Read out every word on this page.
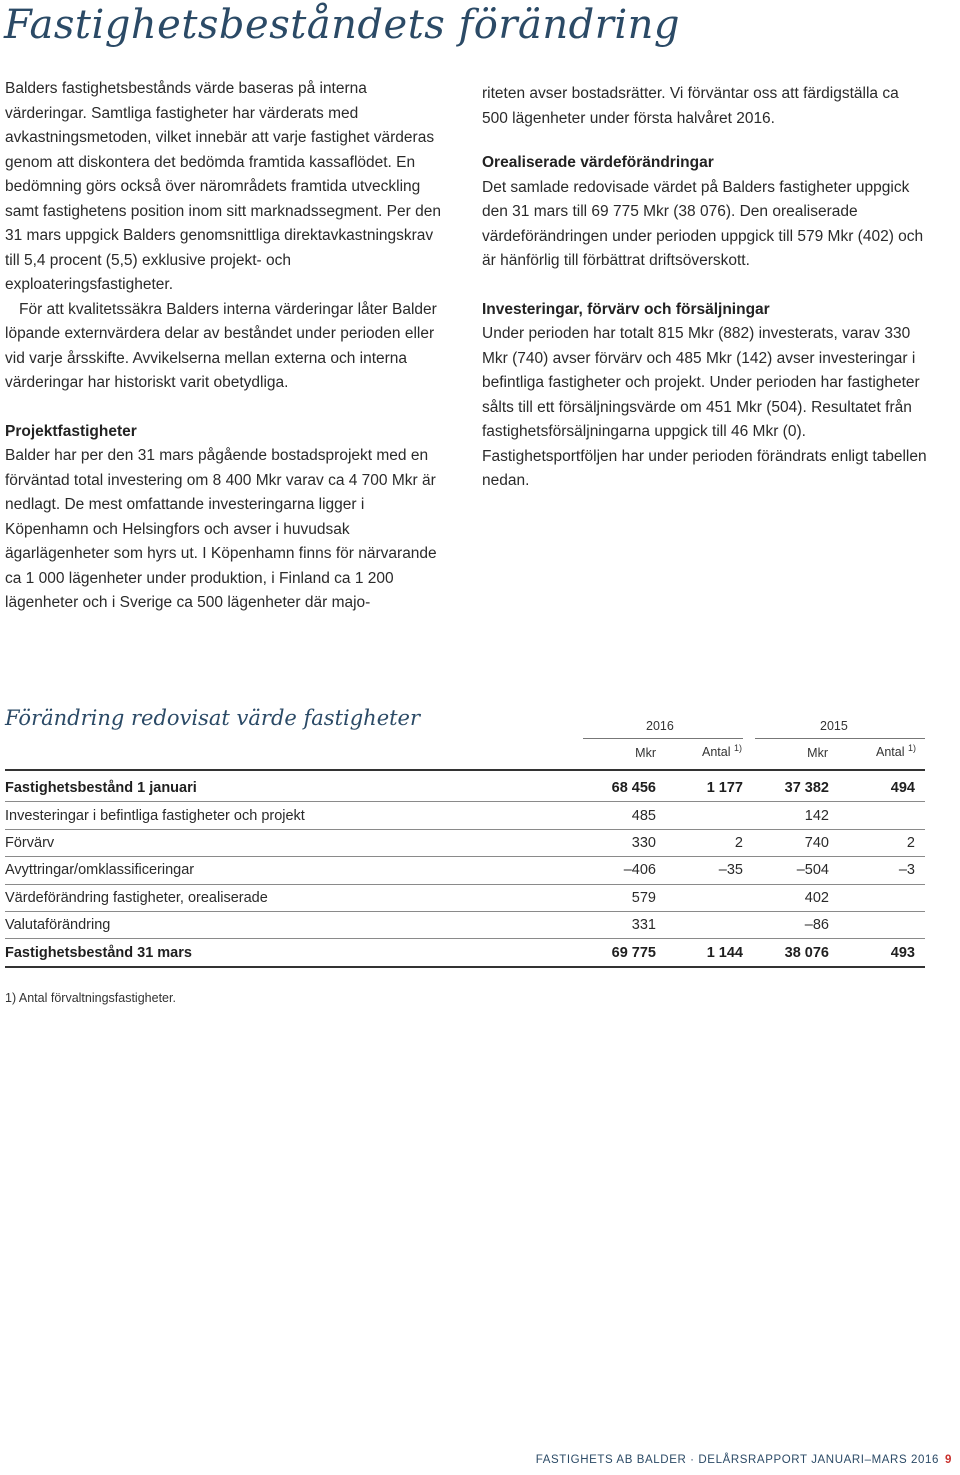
Fastighetsbeståndets förändring

Balders fastighetsbestånds värde baseras på interna värderingar. Samtliga fastigheter har värderats med avkastningsmetoden, vilket innebär att varje fastighet värderas genom att diskontera det bedömda framtida kassaflödet. En bedömning görs också över närområdets framtida utveckling samt fastighetens position inom sitt marknadssegment. Per den 31 mars uppgick Balders genomsnittliga direktavkastningskrav till 5,4 procent (5,5) exklusive projekt- och exploateringsfastigheter.

För att kvalitetssäkra Balders interna värderingar låter Balder löpande externvärdera delar av beståndet under perioden eller vid varje årsskifte. Avvikelserna mellan externa och interna värderingar har historiskt varit obetydliga.

Projektfastigheter

Balder har per den 31 mars pågående bostadsprojekt med en förväntad total investering om 8 400 Mkr varav ca 4 700 Mkr är nedlagt. De mest omfattande investeringarna ligger i Köpenhamn och Helsingfors och avser i huvudsak ägarlägenheter som hyrs ut. I Köpenhamn finns för närvarande ca 1 000 lägenheter under produktion, i Finland ca 1 200 lägenheter och i Sverige ca 500 lägenheter där majo-

riteten avser bostadsrätter. Vi förväntar oss att färdigställa ca 500 lägenheter under första halvåret 2016.

Orealiserade värdeförändringar

Det samlade redovisade värdet på Balders fastigheter uppgick den 31 mars till 69 775 Mkr (38 076). Den orealiserade värdeförändringen under perioden uppgick till 579 Mkr (402) och är hänförlig till förbättrat driftsöverskott.

Investeringar, förvärv och försäljningar

Under perioden har totalt 815 Mkr (882) investerats, varav 330 Mkr (740) avser förvärv och 485 Mkr (142) avser investeringar i befintliga fastigheter och projekt. Under perioden har fastigheter sålts till ett försäljningsvärde om 451 Mkr (504). Resultatet från fastighetsförsäljningarna uppgick till 46 Mkr (0). Fastighetsportföljen har under perioden förändrats enligt tabellen nedan.

Förändring redovisat värde fastigheter	2016	2015
Mkr	Antal $^{1)}$	Mkr	Antal $^{1)}$
Fastighetsbestånd 1 januari	68 456	1 177	37 382	494	
Investeringar i befintliga fastigheter och projekt	485		142		
Förvärv	330	2	740	2	
Avyttringar/omklassificeringar	–406	–35	–504	–3	
Värdeförändring fastigheter, orealiserade	579		402		
Valutaförändring	331		–86		
Fastighetsbestånd 31 mars	69 775	1 144	38 076	493	
1) Antal förvaltningsfastigheter.
FASTIGHETS AB BALDER · DELÅRSRAPPORT JANUARI–MARS 2016 9
